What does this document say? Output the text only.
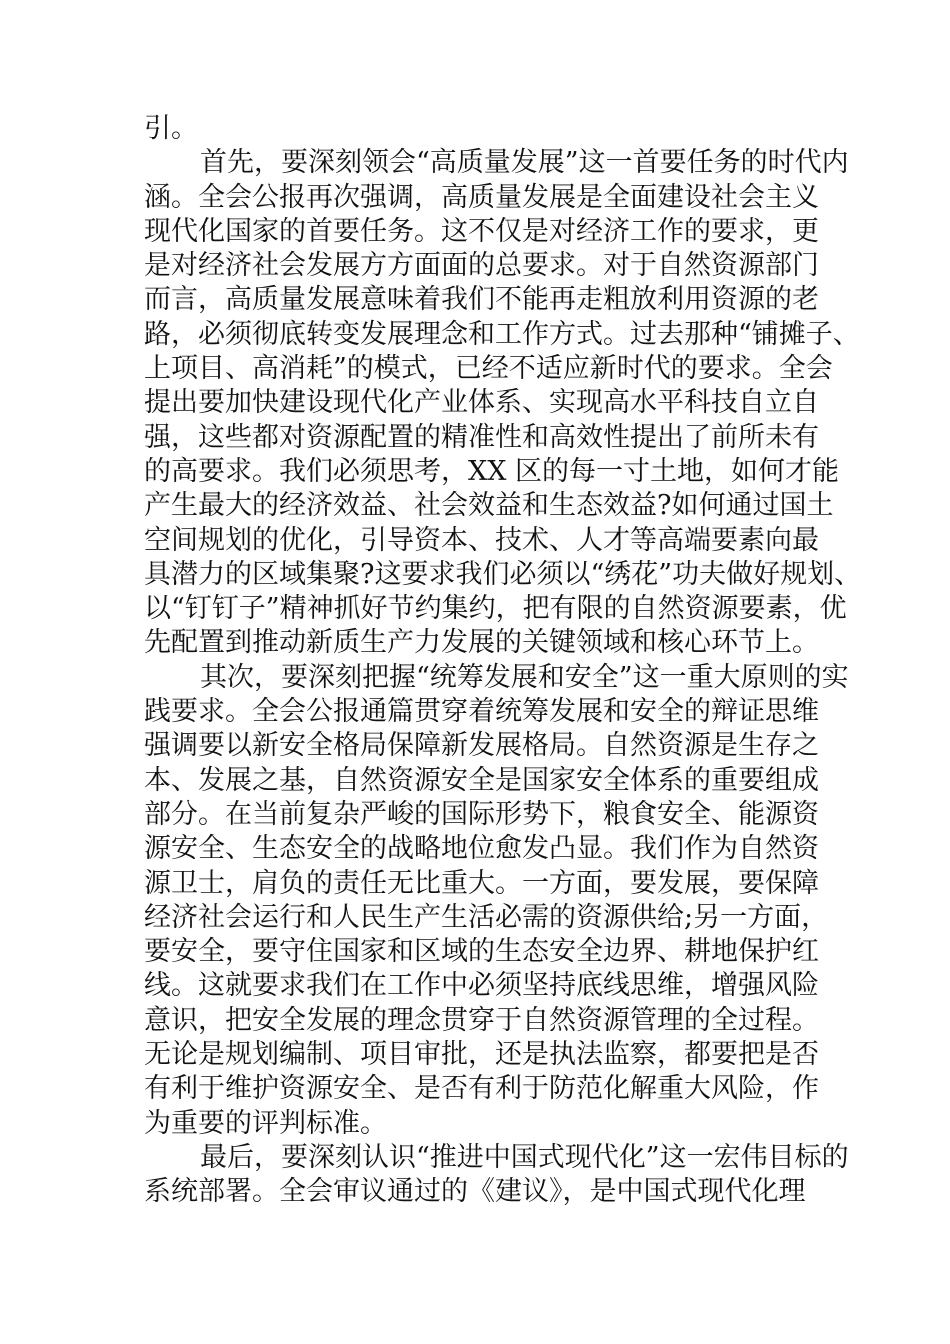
引。
首先，要深刻领会“高质量发展”这一首要任务的时代内
涵。全会公报再次强调，高质量发展是全面建设社会主义
现代化国家的首要任务。这不仅是对经济工作的要求，更
是对经济社会发展方方面面的总要求。对于自然资源部门
而言，高质量发展意味着我们不能再走粗放利用资源的老
路，必须彻底转变发展理念和工作方式。过去那种“铺摊子、
上项目、高消耗”的模式，已经不适应新时代的要求。全会
提出要加快建设现代化产业体系、实现高水平科技自立自
强，这些都对资源配置的精准性和高效性提出了前所未有
的高要求。我们必须思考，XX 区的每一寸土地，如何才能
产生最大的经济效益、社会效益和生态效益?如何通过国土
空间规划的优化，引导资本、技术、人才等高端要素向最
具潜力的区域集聚?这要求我们必须以“绣花”功夫做好规划、
以“钉钉子”精神抓好节约集约，把有限的自然资源要素，优
先配置到推动新质生产力发展的关键领域和核心环节上。
其次，要深刻把握“统筹发展和安全”这一重大原则的实
践要求。全会公报通篇贯穿着统筹发展和安全的辩证思维
强调要以新安全格局保障新发展格局。自然资源是生存之
本、发展之基，自然资源安全是国家安全体系的重要组成
部分。在当前复杂严峻的国际形势下，粮食安全、能源资
源安全、生态安全的战略地位愈发凸显。我们作为自然资
源卫士，肩负的责任无比重大。一方面，要发展，要保障
经济社会运行和人民生产生活必需的资源供给;另一方面，
要安全，要守住国家和区域的生态安全边界、耕地保护红
线。这就要求我们在工作中必须坚持底线思维，增强风险
意识，把安全发展的理念贯穿于自然资源管理的全过程。
无论是规划编制、项目审批，还是执法监察，都要把是否
有利于维护资源安全、是否有利于防范化解重大风险，作
为重要的评判标准。
最后，要深刻认识“推进中国式现代化”这一宏伟目标的
系统部署。全会审议通过的《建议》，是中国式现代化理
